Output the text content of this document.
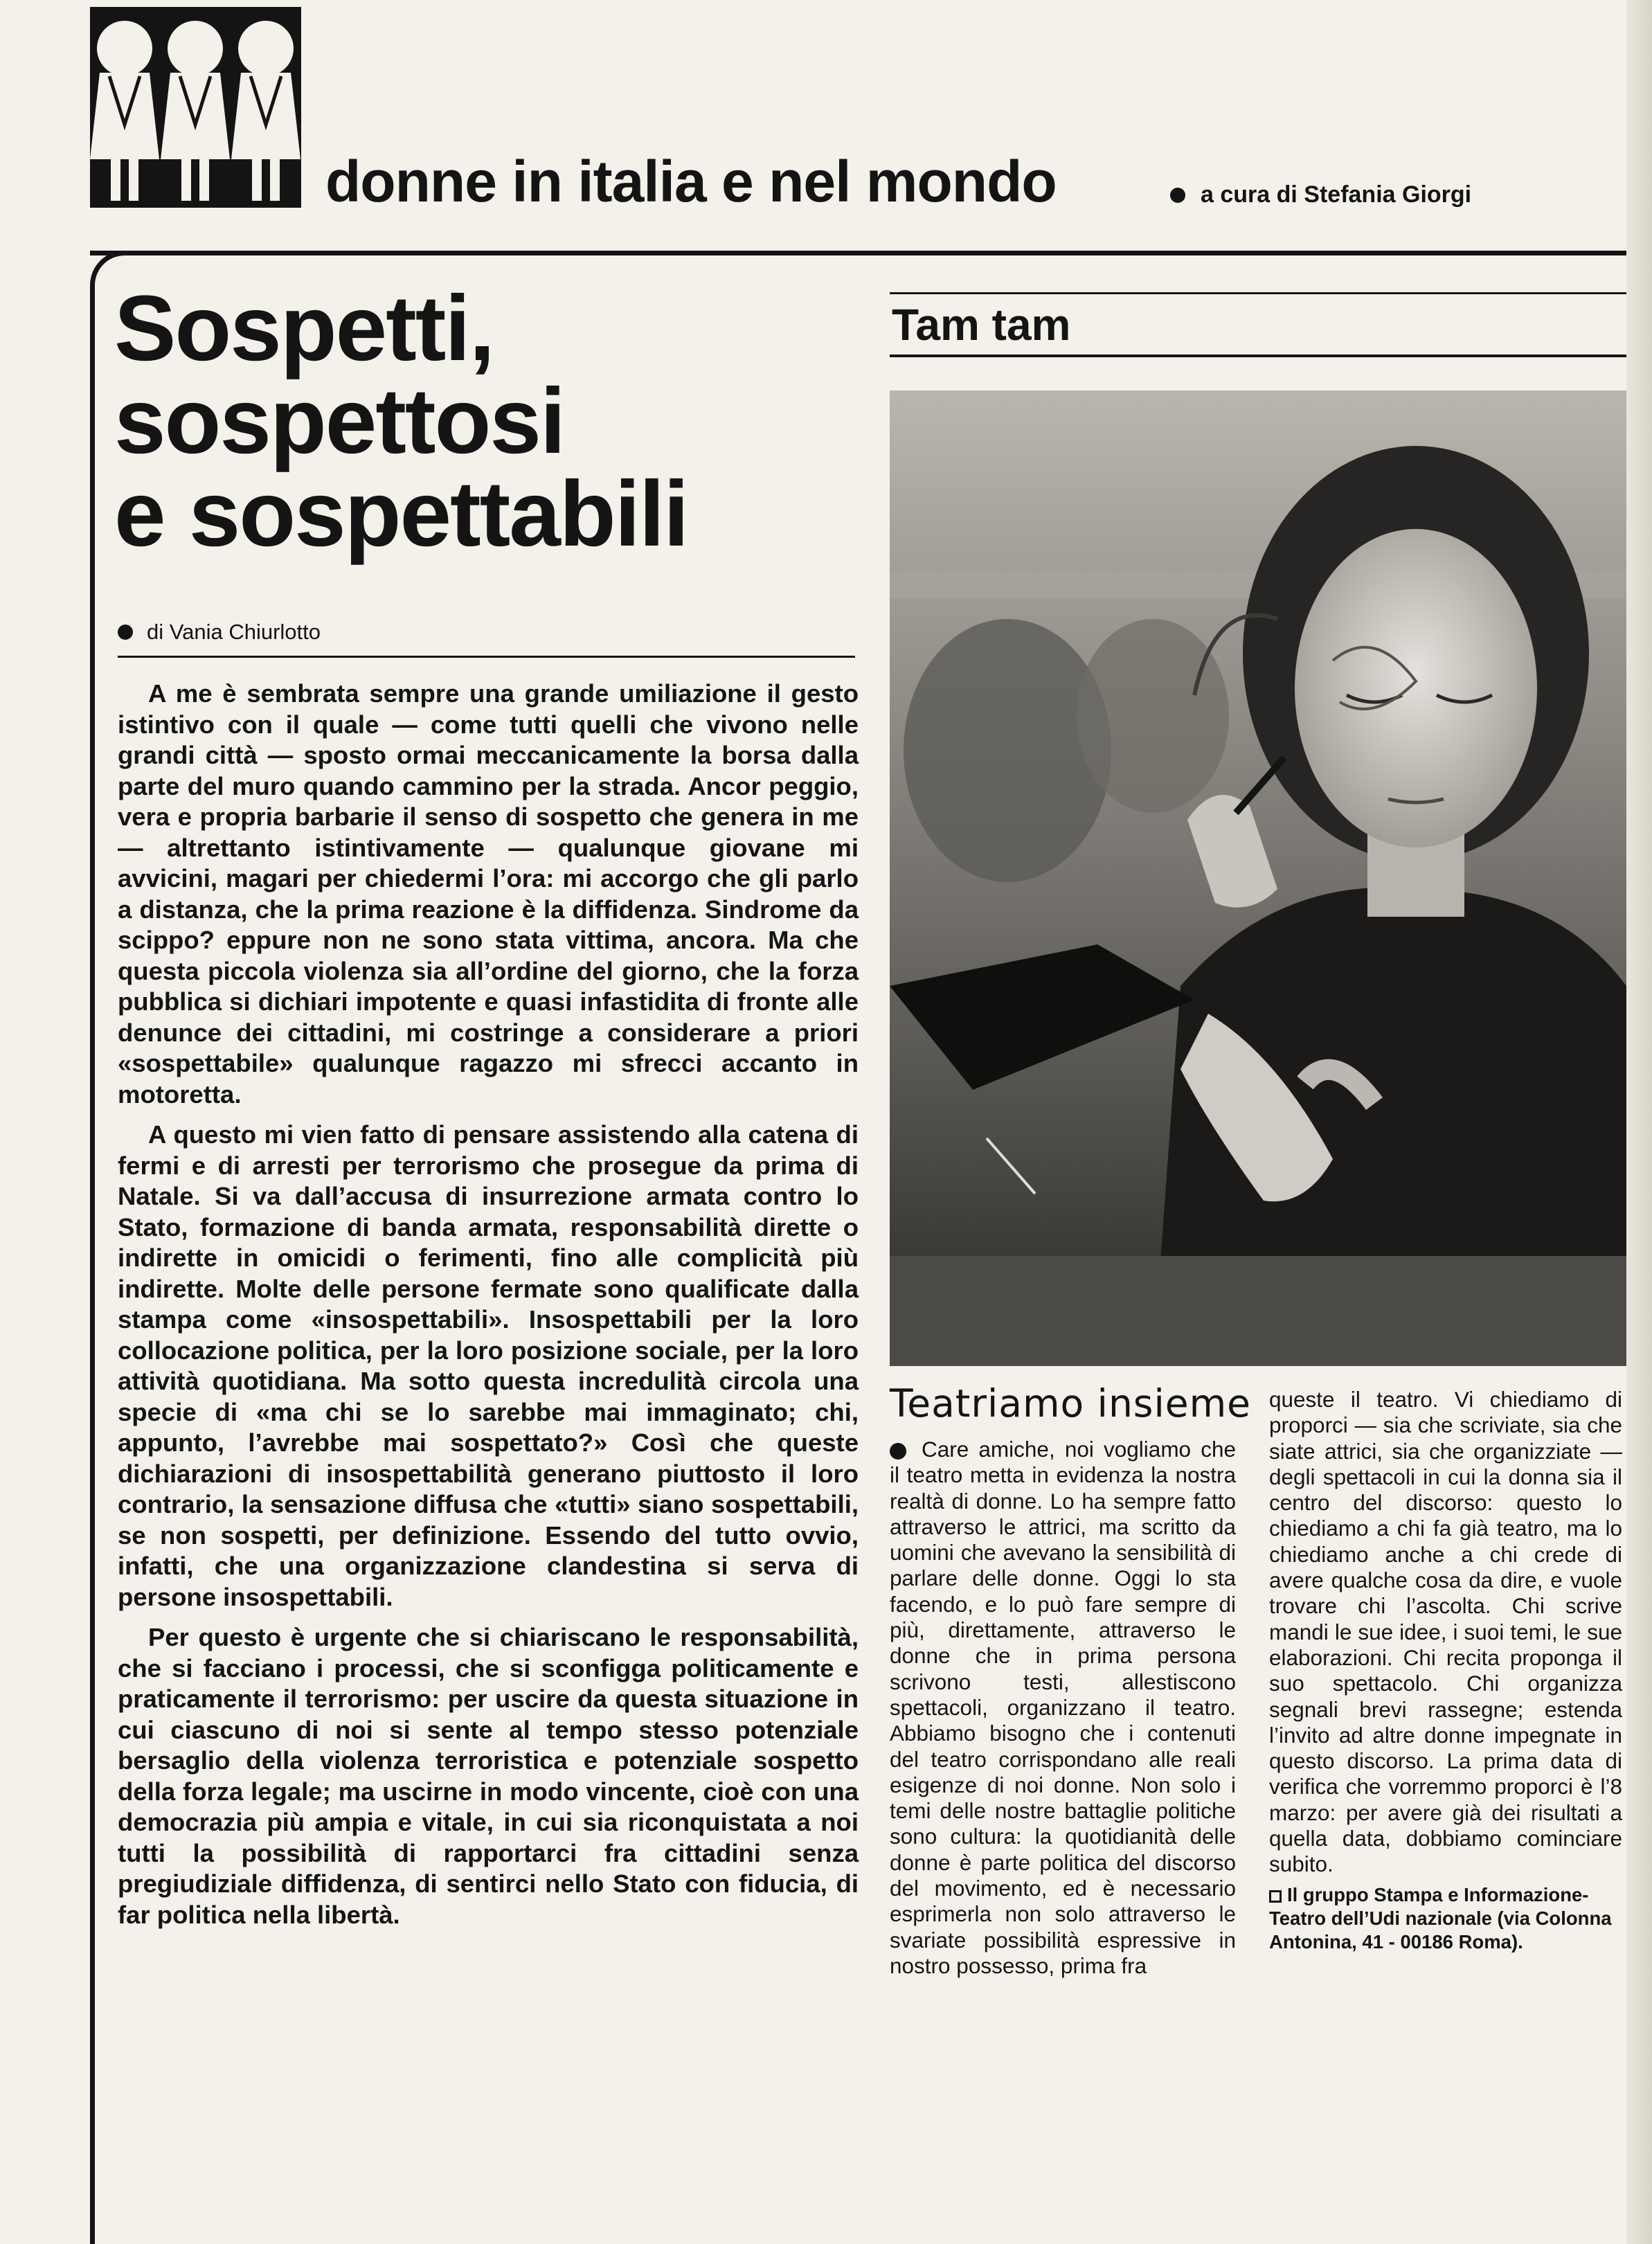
donne in italia e nel mondo	a cura di Stefania Giorgi
Sospetti,
sospettosi
e sospettabili
di Vania Chiurlotto

A me è sembrata sempre una grande umiliazione il gesto istintivo con il quale — come tutti quelli che vivono nelle grandi città — sposto ormai meccanicamente la borsa dalla parte del muro quando cammino per la strada. Ancor peggio, vera e propria barbarie il senso di sospetto che genera in me — altrettanto istintivamente — qualunque giovane mi avvicini, magari per chiedermi l’ora: mi accorgo che gli parlo a distanza, che la prima reazione è la diffidenza. Sindrome da scippo? eppure non ne sono stata vittima, ancora. Ma che questa piccola violenza sia all’ordine del giorno, che la forza pubblica si dichiari impotente e quasi infastidita di fronte alle denunce dei cittadini, mi costringe a considerare a priori «sospettabile» qualunque ragazzo mi sfrecci accanto in motoretta.

A questo mi vien fatto di pensare assistendo alla catena di fermi e di arresti per terrorismo che prosegue da prima di Natale. Si va dall’accusa di insurrezione armata contro lo Stato, formazione di banda armata, responsabilità dirette o indirette in omicidi o ferimenti, fino alle complicità più indirette. Molte delle persone fermate sono qualificate dalla stampa come «insospettabili». Insospettabili per la loro collocazione politica, per la loro posizione sociale, per la loro attività quotidiana. Ma sotto questa incredulità circola una specie di «ma chi se lo sarebbe mai immaginato; chi, appunto, l’avrebbe mai sospettato?» Così che queste dichiarazioni di insospettabilità generano piuttosto il loro contrario, la sensazione diffusa che «tutti» siano sospettabili, se non sospetti, per definizione. Essendo del tutto ovvio, infatti, che una organizzazione clandestina si serva di persone insospettabili.

Per questo è urgente che si chiariscano le responsabilità, che si facciano i processi, che si sconfigga politicamente e praticamente il terrorismo: per uscire da questa situazione in cui ciascuno di noi si sente al tempo stesso potenziale bersaglio della violenza terroristica e potenziale sospetto della forza legale; ma uscirne in modo vincente, cioè con una democrazia più ampia e vitale, in cui sia riconquistata a noi tutti la possibilità di rapportarci fra cittadini senza pregiudiziale diffidenza, di sentirci nello Stato con fiducia, di far politica nella libertà.

Tam tam
Teatriamo insieme
Care amiche, noi vogliamo che il teatro metta in evidenza la nostra realtà di donne. Lo ha sempre fatto attraverso le attrici, ma scritto da uomini che avevano la sensibilità di parlare delle donne. Oggi lo sta facendo, e lo può fare sempre di più, direttamente, attraverso le donne che in prima persona scrivono testi, allestiscono spettacoli, organizzano il teatro. Abbiamo bisogno che i contenuti del teatro corrispondano alle reali esigenze di noi donne. Non solo i temi delle nostre battaglie politiche sono cultura: la quotidianità delle donne è parte politica del discorso del movimento, ed è necessario esprimerla non solo attraverso le svariate possibilità espressive in nostro possesso, prima fra
queste il teatro. Vi chiediamo di proporci — sia che scriviate, sia che siate attrici, sia che organizziate — degli spettacoli in cui la donna sia il centro del discorso: questo lo chiediamo a chi fa già teatro, ma lo chiediamo anche a chi crede di avere qualche cosa da dire, e vuole trovare chi l’ascolta. Chi scrive mandi le sue idee, i suoi temi, le sue elaborazioni. Chi recita proponga il suo spettacolo. Chi organizza segnali brevi rassegne; estenda l’invito ad altre donne impegnate in questo discorso. La prima data di verifica che vorremmo proporci è l’8 marzo: per avere già dei risultati a quella data, dobbiamo cominciare subito.
Il gruppo Stampa e Informazione-Teatro dell’Udi nazionale (via Colonna Antonina, 41 - 00186 Roma).
